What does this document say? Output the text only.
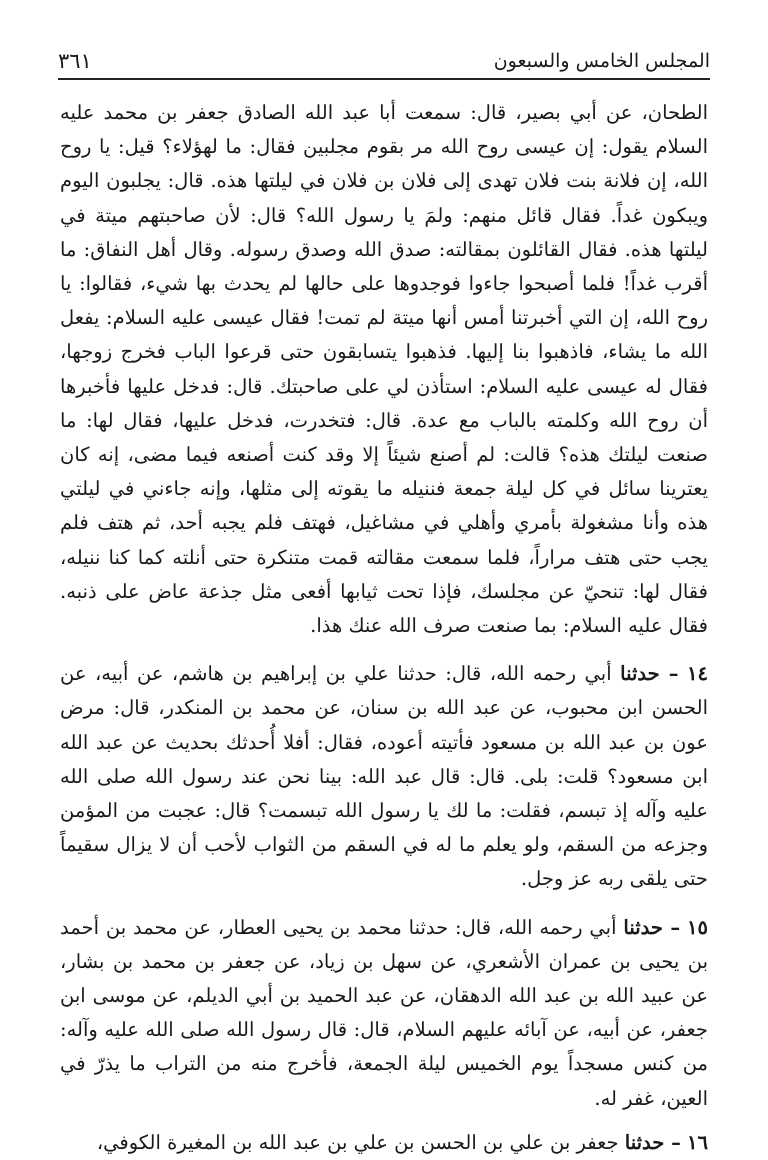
المجلس الخامس والسبعون
٣٦١

الطحان، عن أبي بصير، قال: سمعت أبا عبد الله الصادق جعفر بن محمد عليه السلام يقول: إن عيسى روح الله مر بقوم مجلبين فقال: ما لهؤلاء؟ قيل: يا روح الله، إن فلانة بنت فلان تهدى إلى فلان بن فلان في ليلتها هذه. قال: يجلبون اليوم ويبكون غداً. فقال قائل منهم: ولمَ يا رسول الله؟ قال: لأن صاحبتهم ميتة في ليلتها هذه. فقال القائلون بمقالته: صدق الله وصدق رسوله. وقال أهل النفاق: ما أقرب غداً! فلما أصبحوا جاءوا فوجدوها على حالها لم يحدث بها شيء، فقالوا: يا روح الله، إن التي أخبرتنا أمس أنها ميتة لم تمت! فقال عيسى عليه السلام: يفعل الله ما يشاء، فاذهبوا بنا إليها. فذهبوا يتسابقون حتى قرعوا الباب فخرج زوجها، فقال له عيسى عليه السلام: استأذن لي على صاحبتك. قال: فدخل عليها فأخبرها أن روح الله وكلمته بالباب مع عدة. قال: فتخدرت، فدخل عليها، فقال لها: ما صنعت ليلتك هذه؟ قالت: لم أصنع شيئاً إلا وقد كنت أصنعه فيما مضى، إنه كان يعترينا سائل في كل ليلة جمعة فننيله ما يقوته إلى مثلها، وإنه جاءني في ليلتي هذه وأنا مشغولة بأمري وأهلي في مشاغيل، فهتف فلم يجبه أحد، ثم هتف فلم يجب حتى هتف مراراً، فلما سمعت مقالته قمت متنكرة حتى أنلته كما كنا ننيله، فقال لها: تنحيّ عن مجلسك، فإذا تحت ثيابها أفعى مثل جذعة عاض على ذنبه. فقال عليه السلام: بما صنعت صرف الله عنك هذا.

١٤ – حدثنا أبي رحمه الله، قال: حدثنا علي بن إبراهيم بن هاشم، عن أبيه، عن الحسن ابن محبوب، عن عبد الله بن سنان، عن محمد بن المنكدر، قال: مرض عون بن عبد الله بن مسعود فأتيته أعوده، فقال: أفلا أُحدثك بحديث عن عبد الله ابن مسعود؟ قلت: بلى. قال: قال عبد الله: بينا نحن عند رسول الله صلى الله عليه وآله إذ تبسم، فقلت: ما لك يا رسول الله تبسمت؟ قال: عجبت من المؤمن وجزعه من السقم، ولو يعلم ما له في السقم من الثواب لأحب أن لا يزال سقيماً حتى يلقى ربه عز وجل.

١٥ – حدثنا أبي رحمه الله، قال: حدثنا محمد بن يحيى العطار، عن محمد بن أحمد بن يحيى بن عمران الأشعري، عن سهل بن زياد، عن جعفر بن محمد بن بشار، عن عبيد الله بن عبد الله الدهقان، عن عبد الحميد بن أبي الديلم، عن موسى ابن جعفر، عن أبيه، عن آبائه عليهم السلام، قال: قال رسول الله صلى الله عليه وآله: من كنس مسجداً يوم الخميس ليلة الجمعة، فأخرج منه من التراب ما يذرّ في العين، غفر له.

١٦ – حدثنا جعفر بن علي بن الحسن بن علي بن عبد الله بن المغيرة الكوفي،
